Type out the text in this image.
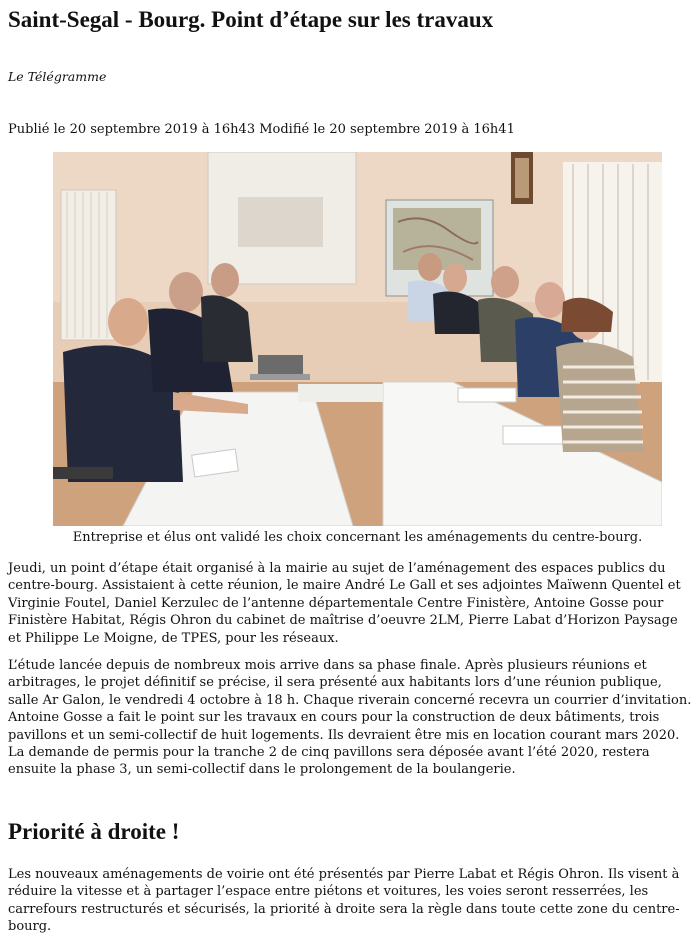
Saint-Segal - Bourg. Point d’étape sur les travaux
Le Télégramme
Publié le 20 septembre 2019 à 16h43 Modifié le 20 septembre 2019 à 16h41
Entreprise et élus ont validé les choix concernant les aménagements du centre-bourg.

Jeudi, un point d’étape était organisé à la mairie au sujet de l’aménagement des espaces publics du centre-bourg. Assistaient à cette réunion, le maire André Le Gall et ses adjointes Maïwenn Quentel et Virginie Foutel, Daniel Kerzulec de l’antenne départementale Centre Finistère, Antoine Gosse pour Finistère Habitat, Régis Ohron du cabinet de maîtrise d’oeuvre 2LM, Pierre Labat d’Horizon Paysage et Philippe Le Moigne, de TPES, pour les réseaux.

L’étude lancée depuis de nombreux mois arrive dans sa phase finale. Après plusieurs réunions et arbitrages, le projet définitif se précise, il sera présenté aux habitants lors d’une réunion publique, salle Ar Galon, le vendredi 4 octobre à 18 h. Chaque riverain concerné recevra un courrier d’invitation. Antoine Gosse a fait le point sur les travaux en cours pour la construction de deux bâtiments, trois pavillons et un semi-collectif de huit logements. Ils devraient être mis en location courant mars 2020. La demande de permis pour la tranche 2 de cinq pavillons sera déposée avant l’été 2020, restera ensuite la phase 3, un semi-collectif dans le prolongement de la boulangerie.

Priorité à droite !

Les nouveaux aménagements de voirie ont été présentés par Pierre Labat et Régis Ohron. Ils visent à réduire la vitesse et à partager l’espace entre piétons et voitures, les voies seront resserrées, les carrefours restructurés et sécurisés, la priorité à droite sera la règle dans toute cette zone du centre-bourg.
